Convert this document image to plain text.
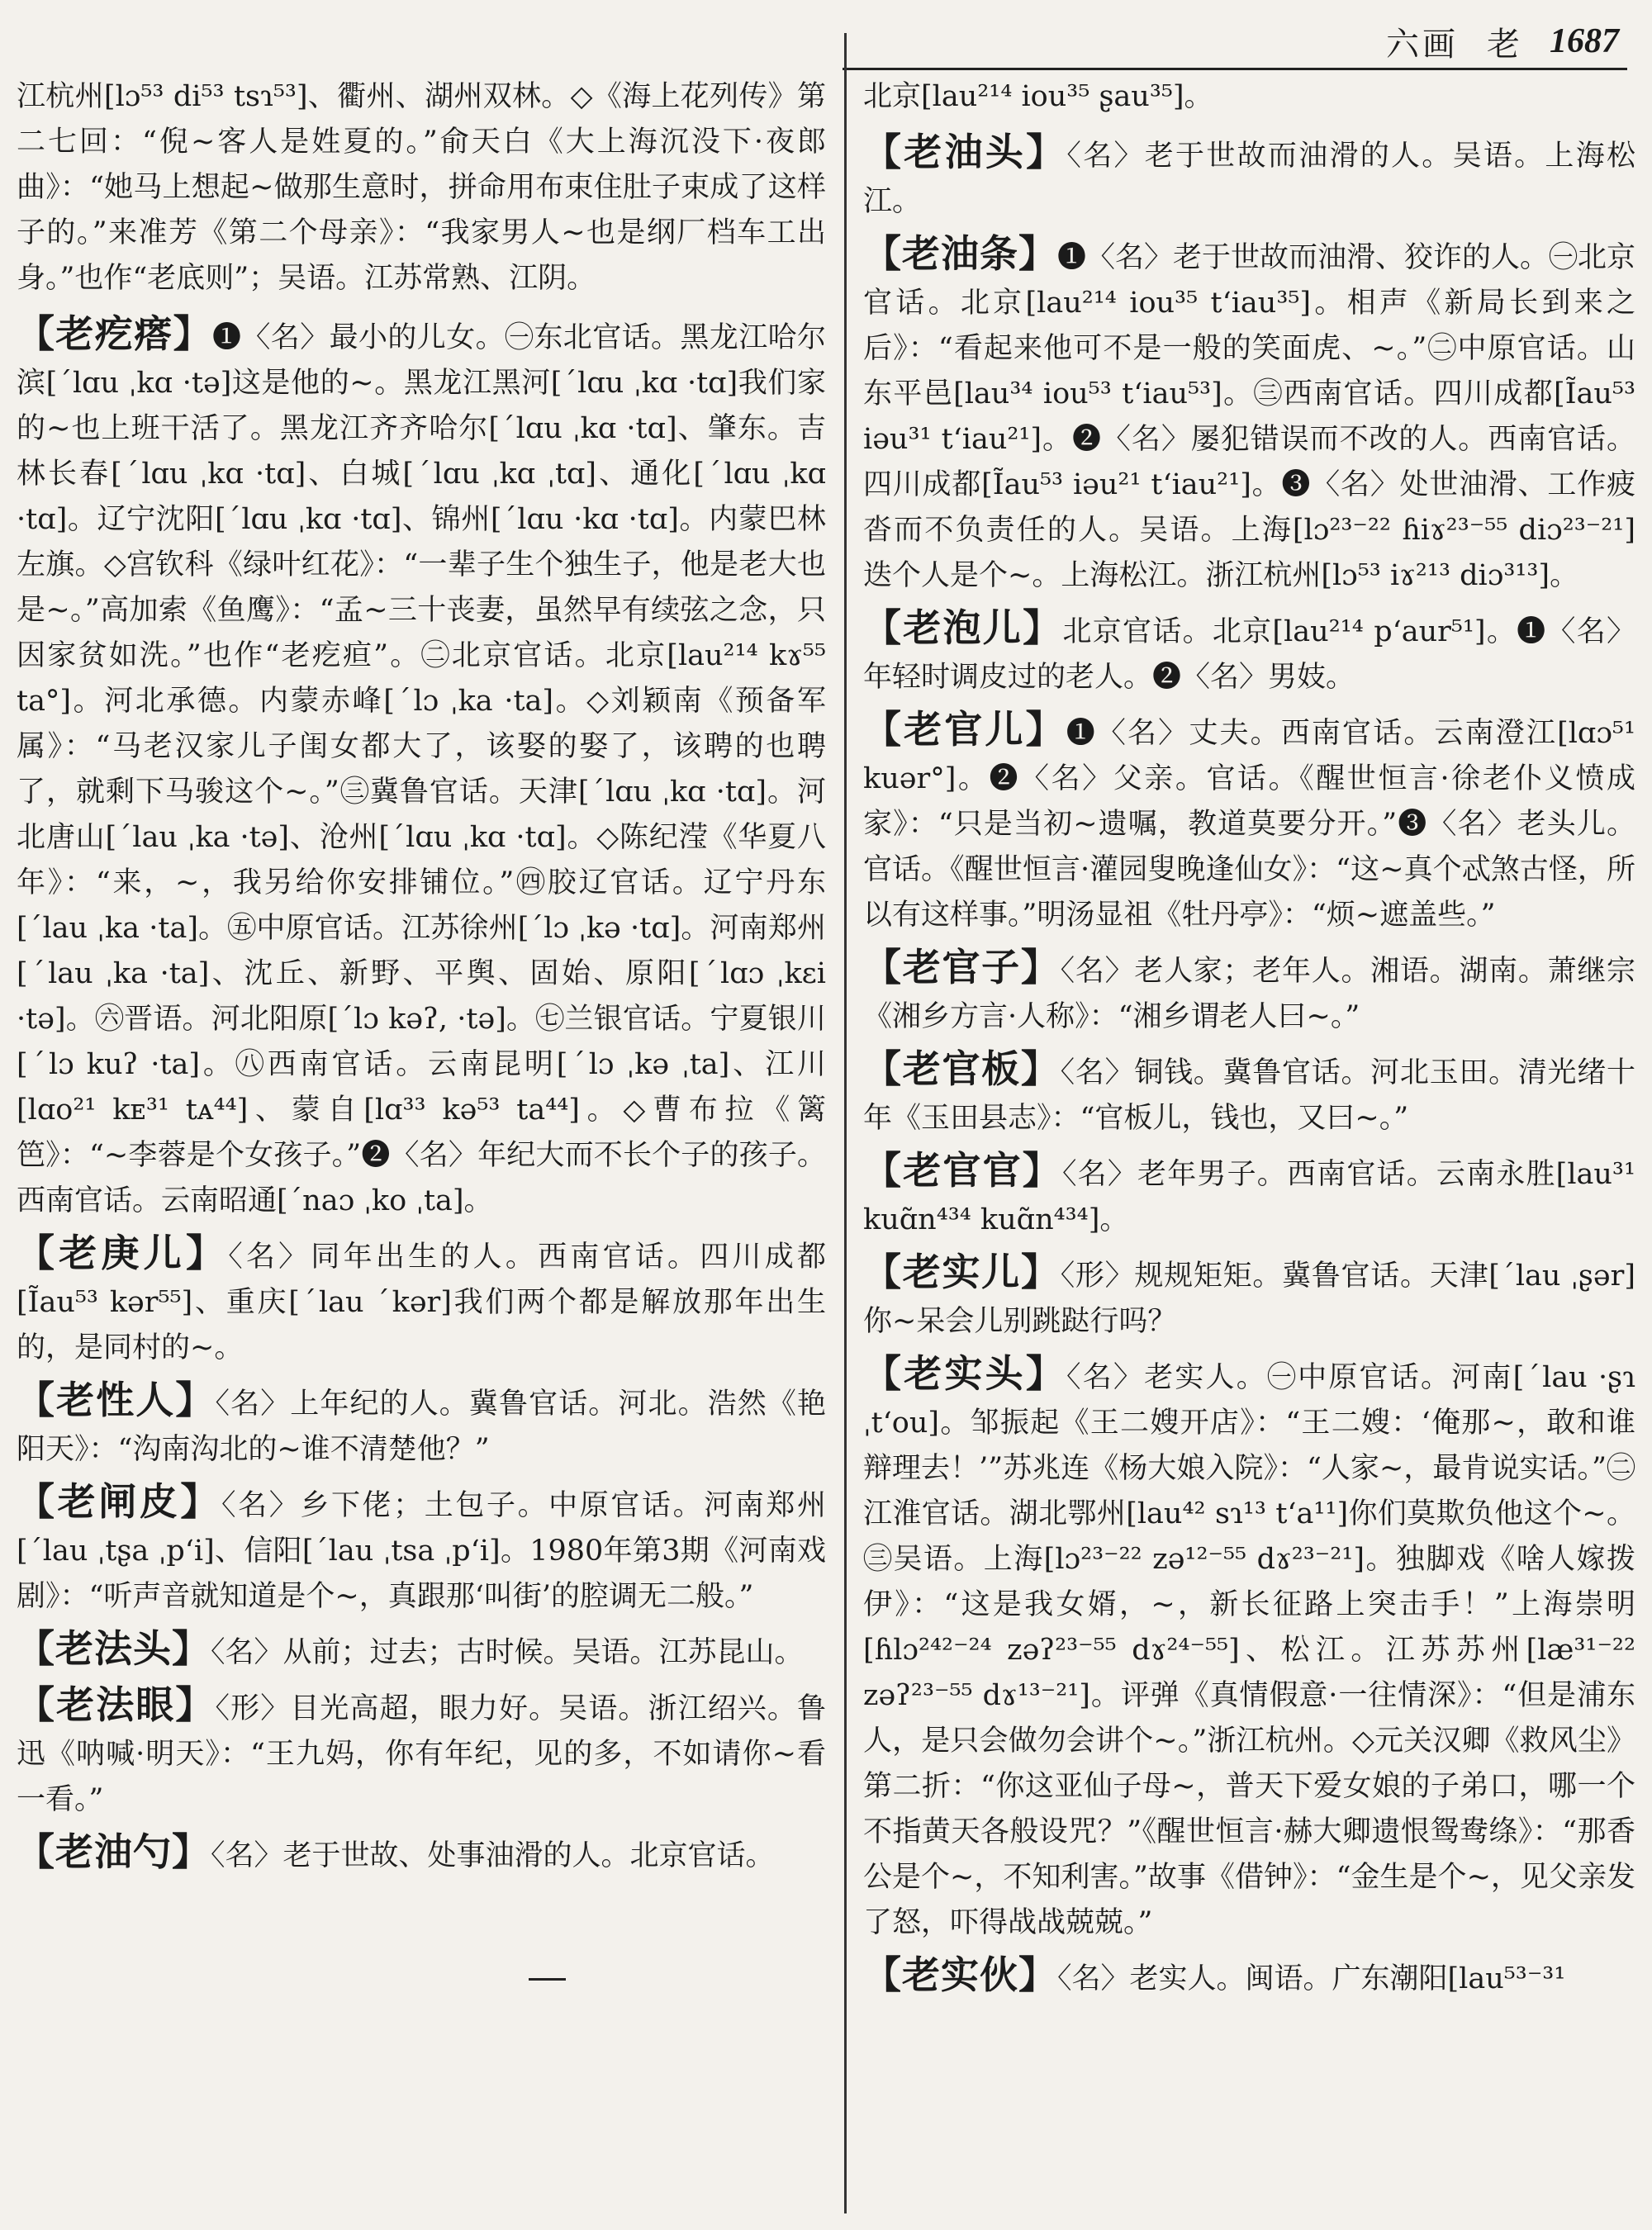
六画 老 1687

江杭州[lɔ⁵³ di⁵³ tsɿ⁵³]、衢州、湖州双林。◇《海上花列传》第二七回：“倪~客人是姓夏的。”俞天白《大上海沉没下·夜郎曲》：“她马上想起~做那生意时，拼命用布束住肚子束成了这样子的。”来准芳《第二个母亲》：“我家男人~也是纲厂档车工出身。”也作“老底则”；吴语。江苏常熟、江阴。

【老疙瘩】❶〈名〉最小的儿女。㊀东北官话。黑龙江哈尔滨[ˊlɑu ˌkɑ ·tə]这是他的~。黑龙江黑河[ˊlɑu ˌkɑ ·tɑ]我们家的~也上班干活了。黑龙江齐齐哈尔[ˊlɑu ˌkɑ ·tɑ]、肇东。吉林长春[ˊlɑu ˌkɑ ·tɑ]、白城[ˊlɑu ˌkɑ ˌtɑ]、通化[ˊlɑu ˌkɑ ·tɑ]。辽宁沈阳[ˊlɑu ˌkɑ ·tɑ]、锦州[ˊlɑu ·kɑ ·tɑ]。内蒙巴林左旗。◇宫钦科《绿叶红花》：“一辈子生个独生子，他是老大也是~。”高加索《鱼鹰》：“孟~三十丧妻，虽然早有续弦之念，只因家贫如洗。”也作“老疙疸”。㊁北京官话。北京[lau²¹⁴ kɤ⁵⁵ ta°]。河北承德。内蒙赤峰[ˊlɔ ˌka ·ta]。◇刘颖南《预备军属》：“马老汉家儿子闺女都大了，该娶的娶了，该聘的也聘了，就剩下马骏这个~。”㊂冀鲁官话。天津[ˊlɑu ˌkɑ ·tɑ]。河北唐山[ˊlau ˌka ·tə]、沧州[ˊlɑu ˌkɑ ·tɑ]。◇陈纪滢《华夏八年》：“来，~，我另给你安排铺位。”㊃胶辽官话。辽宁丹东[ˊlau ˌka ·ta]。㊄中原官话。江苏徐州[ˊlɔ ˌkə ·tɑ]。河南郑州[ˊlau ˌka ·ta]、沈丘、新野、平舆、固始、原阳[ˊlɑɔ ˌkɛi ·tə]。㊅晋语。河北阳原[ˊlɔ kəʔ, ·tə]。㊆兰银官话。宁夏银川[ˊlɔ kuʔ ·ta]。㊇西南官话。云南昆明[ˊlɔ ˌkə ˌta]、江川[lɑo²¹ kᴇ³¹ tᴀ⁴⁴]、蒙自[lɑ³³ kə⁵³ ta⁴⁴]。◇曹布拉《篱笆》：“~李蓉是个女孩子。”❷〈名〉年纪大而不长个子的孩子。西南官话。云南昭通[ˊnaɔ ˌko ˌta]。

【老庚儿】〈名〉同年出生的人。西南官话。四川成都[Ĩau⁵³ kər⁵⁵]、重庆[ˊlau ˊkər]我们两个都是解放那年出生的，是同村的~。

【老性人】〈名〉上年纪的人。冀鲁官话。河北。浩然《艳阳天》：“沟南沟北的~谁不清楚他？”

【老闸皮】〈名〉乡下佬；土包子。中原官话。河南郑州[ˊlau ˌtʂa ˌpʻi]、信阳[ˊlau ˌtsa ˌpʻi]。1980年第3期《河南戏剧》：“听声音就知道是个~，真跟那‘叫街’的腔调无二般。”

【老法头】〈名〉从前；过去；古时候。吴语。江苏昆山。

【老法眼】〈形〉目光高超，眼力好。吴语。浙江绍兴。鲁迅《呐喊·明天》：“王九妈，你有年纪，见的多，不如请你~看一看。”

【老油勺】〈名〉老于世故、处事油滑的人。北京官话。

北京[lau²¹⁴ iou³⁵ ʂau³⁵]。

【老油头】〈名〉老于世故而油滑的人。吴语。上海松江。

【老油条】❶〈名〉老于世故而油滑、狡诈的人。㊀北京官话。北京[lau²¹⁴ iou³⁵ tʻiau³⁵]。相声《新局长到来之后》：“看起来他可不是一般的笑面虎、~。”㊁中原官话。山东平邑[lau³⁴ iou⁵³ tʻiau⁵³]。㊂西南官话。四川成都[Ĩau⁵³ iəu³¹ tʻiau²¹]。❷〈名〉屡犯错误而不改的人。西南官话。四川成都[Ĩau⁵³ iəu²¹ tʻiau²¹]。❸〈名〉处世油滑、工作疲沓而不负责任的人。吴语。上海[lɔ²³⁻²² ɦiɤ²³⁻⁵⁵ diɔ²³⁻²¹]迭个人是个~。上海松江。浙江杭州[lɔ⁵³ iɤ²¹³ diɔ³¹³]。

【老泡儿】北京官话。北京[lau²¹⁴ pʻaur⁵¹]。❶〈名〉年轻时调皮过的老人。❷〈名〉男妓。

【老官儿】❶〈名〉丈夫。西南官话。云南澄江[lɑɔ⁵¹ kuər°]。❷〈名〉父亲。官话。《醒世恒言·徐老仆义愤成家》：“只是当初~遗嘱，教道莫要分开。”❸〈名〉老头儿。官话。《醒世恒言·灌园叟晚逢仙女》：“这~真个忒煞古怪，所以有这样事。”明汤显祖《牡丹亭》：“烦~遮盖些。”

【老官子】〈名〉老人家；老年人。湘语。湖南。萧继宗《湘乡方言·人称》：“湘乡谓老人曰~。”

【老官板】〈名〉铜钱。冀鲁官话。河北玉田。清光绪十年《玉田县志》：“官板儿，钱也，又曰~。”

【老官官】〈名〉老年男子。西南官话。云南永胜[lau³¹ kuɑ̃n⁴³⁴ kuɑ̃n⁴³⁴]。

【老实儿】〈形〉规规矩矩。冀鲁官话。天津[ˊlau ˌʂər]你~呆会儿别跳跶行吗？

【老实头】〈名〉老实人。㊀中原官话。河南[ˊlau ·ʂɿ ˌtʻou]。邹振起《王二嫂开店》：“王二嫂：‘俺那~，敢和谁辩理去！’”苏兆连《杨大娘入院》：“人家~，最肯说实话。”㊁江淮官话。湖北鄂州[lau⁴² sɿ¹³ tʻa¹¹]你们莫欺负他这个~。㊂吴语。上海[lɔ²³⁻²² zə¹²⁻⁵⁵ dɤ²³⁻²¹]。独脚戏《啥人嫁拨伊》：“这是我女婿，~，新长征路上突击手！”上海崇明[ɦlɔ²⁴²⁻²⁴ zəʔ²³⁻⁵⁵ dɤ²⁴⁻⁵⁵]、松江。江苏苏州[læ³¹⁻²² zəʔ²³⁻⁵⁵ dɤ¹³⁻²¹]。评弹《真情假意·一往情深》：“但是浦东人，是只会做勿会讲个~。”浙江杭州。◇元关汉卿《救风尘》第二折：“你这亚仙子母~，普天下爱女娘的子弟口，哪一个不指黄天各般设咒？”《醒世恒言·赫大卿遗恨鸳鸯绦》：“那香公是个~，不知利害。”故事《借钟》：“金生是个~，见父亲发了怒，吓得战战兢兢。”

【老实伙】〈名〉老实人。闽语。广东潮阳[lau⁵³⁻³¹
